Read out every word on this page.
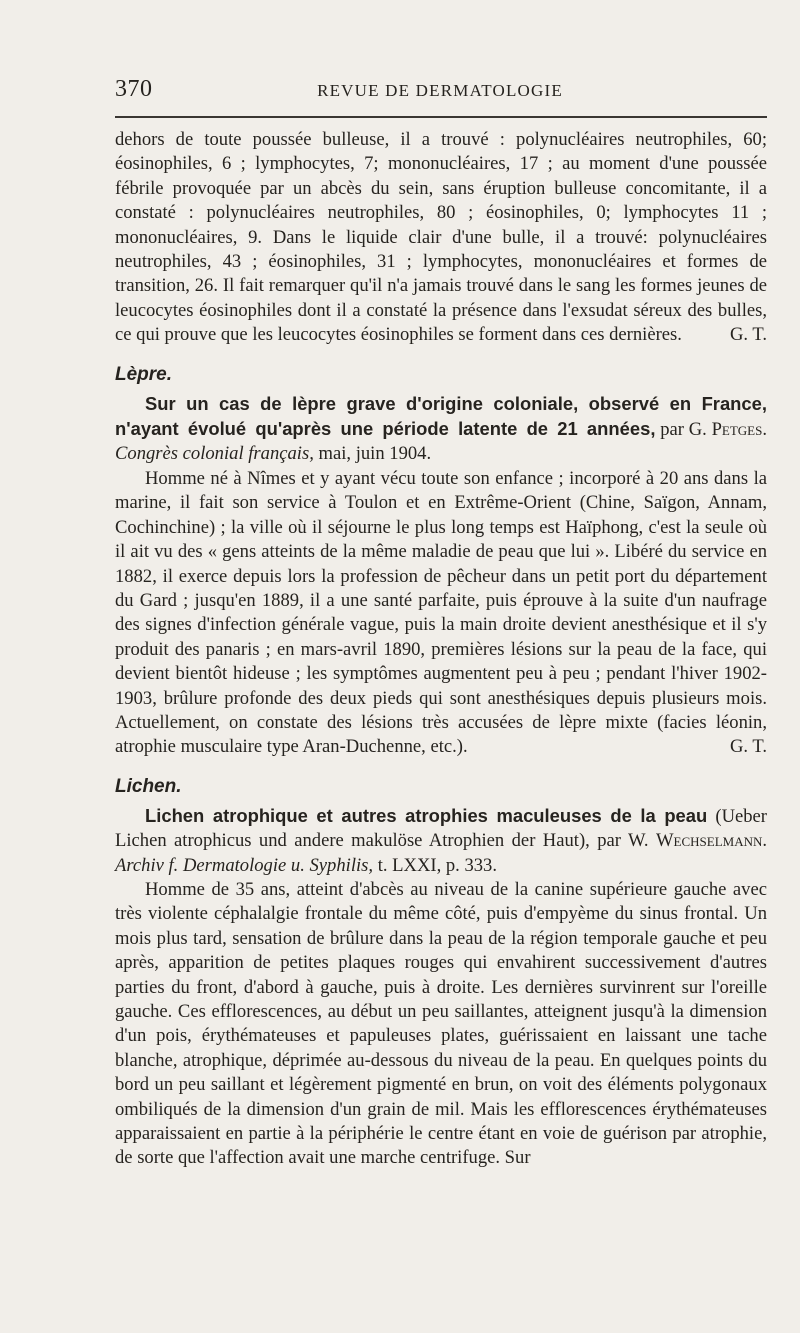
370	REVUE DE DERMATOLOGIE

dehors de toute poussée bulleuse, il a trouvé : polynucléaires neutrophiles, 60; éosinophiles, 6 ; lymphocytes, 7; mononucléaires, 17 ; au moment d'une poussée fébrile provoquée par un abcès du sein, sans éruption bulleuse concomitante, il a constaté : polynucléaires neutrophiles, 80 ; éosinophiles, 0; lymphocytes 11 ; mononucléaires, 9. Dans le liquide clair d'une bulle, il a trouvé: polynucléaires neutrophiles, 43 ; éosinophiles, 31 ; lymphocytes, mononucléaires et formes de transition, 26. Il fait remarquer qu'il n'a jamais trouvé dans le sang les formes jeunes de leucocytes éosinophiles dont il a constaté la présence dans l'exsudat séreux des bulles, ce qui prouve que les leucocytes éosinophiles se forment dans ces dernières.	G. T.

Lèpre.

Sur un cas de lèpre grave d'origine coloniale, observé en France, n'ayant évolué qu'après une période latente de 21 années, par G. Petges. Congrès colonial français, mai, juin 1904.

Homme né à Nîmes et y ayant vécu toute son enfance ; incorporé à 20 ans dans la marine, il fait son service à Toulon et en Extrême-Orient (Chine, Saïgon, Annam, Cochinchine) ; la ville où il séjourne le plus long temps est Haïphong, c'est la seule où il ait vu des « gens atteints de la même maladie de peau que lui ». Libéré du service en 1882, il exerce depuis lors la profession de pêcheur dans un petit port du département du Gard ; jusqu'en 1889, il a une santé parfaite, puis éprouve à la suite d'un naufrage des signes d'infection générale vague, puis la main droite devient anesthésique et il s'y produit des panaris ; en mars-avril 1890, premières lésions sur la peau de la face, qui devient bientôt hideuse ; les symptômes augmentent peu à peu ; pendant l'hiver 1902-1903, brûlure profonde des deux pieds qui sont anesthésiques depuis plusieurs mois. Actuellement, on constate des lésions très accusées de lèpre mixte (facies léonin, atrophie musculaire type Aran-Duchenne, etc.).	G. T.

Lichen.

Lichen atrophique et autres atrophies maculeuses de la peau (Ueber Lichen atrophicus und andere makulöse Atrophien der Haut), par W. Wechselmann. Archiv f. Dermatologie u. Syphilis, t. LXXI, p. 333.

Homme de 35 ans, atteint d'abcès au niveau de la canine supérieure gauche avec très violente céphalalgie frontale du même côté, puis d'empyème du sinus frontal. Un mois plus tard, sensation de brûlure dans la peau de la région temporale gauche et peu après, apparition de petites plaques rouges qui envahirent successivement d'autres parties du front, d'abord à gauche, puis à droite. Les dernières survinrent sur l'oreille gauche. Ces efflorescences, au début un peu saillantes, atteignent jusqu'à la dimension d'un pois, érythémateuses et papuleuses plates, guérissaient en laissant une tache blanche, atrophique, déprimée au-dessous du niveau de la peau. En quelques points du bord un peu saillant et légèrement pigmenté en brun, on voit des éléments polygonaux ombiliqués de la dimension d'un grain de mil. Mais les efflorescences érythémateuses apparaissaient en partie à la périphérie le centre étant en voie de guérison par atrophie, de sorte que l'affection avait une marche centrifuge. Sur
